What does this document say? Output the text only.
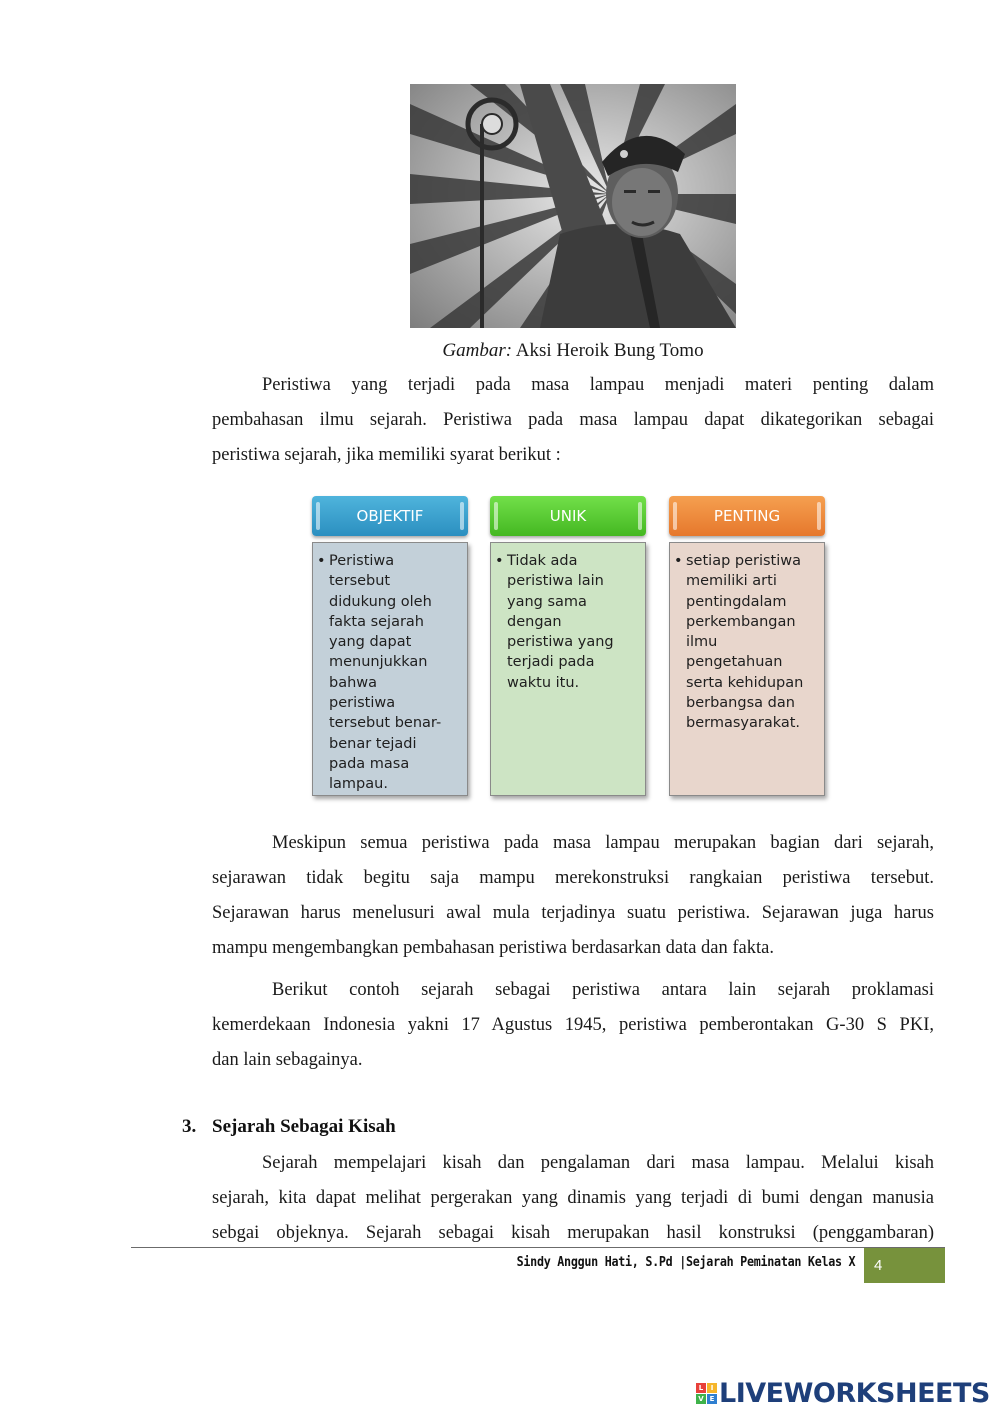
Gambar: Aksi Heroik Bung Tomo
Peristiwa yang terjadi pada masa lampau menjadi materi penting dalam
pembahasan ilmu sejarah. Peristiwa pada masa lampau dapat dikategorikan sebagai
peristiwa sejarah, jika memiliki syarat berikut :
OBJEKTIF
• Peristiwa
tersebut
didukung oleh
fakta sejarah
yang dapat
menunjukkan
bahwa
peristiwa
tersebut benar-
benar tejadi
pada masa
lampau.
UNIK
• Tidak ada
peristiwa lain
yang sama
dengan
peristiwa yang
terjadi pada
waktu itu.
PENTING
• setiap peristiwa
memiliki arti
pentingdalam
perkembangan
ilmu
pengetahuan
serta kehidupan
berbangsa dan
bermasyarakat.
Meskipun semua peristiwa pada masa lampau merupakan bagian dari sejarah,
sejarawan tidak begitu saja mampu merekonstruksi rangkaian peristiwa tersebut.
Sejarawan harus menelusuri awal mula terjadinya suatu peristiwa. Sejarawan juga harus
mampu mengembangkan pembahasan peristiwa berdasarkan data dan fakta.
Berikut contoh sejarah sebagai peristiwa antara lain sejarah proklamasi
kemerdekaan Indonesia yakni 17 Agustus 1945, peristiwa pemberontakan G-30 S PKI,
dan lain sebagainya.
3. Sejarah Sebagai Kisah
Sejarah mempelajari kisah dan pengalaman dari masa lampau. Melalui kisah
sejarah, kita dapat melihat pergerakan yang dinamis yang terjadi di bumi dengan manusia
sebgai objeknya. Sejarah sebagai kisah merupakan hasil konstruksi (penggambaran)
Sindy Anggun Hati, S.Pd |Sejarah Peminatan Kelas X	4
L	I
V E LIVEWORKSHEETS
